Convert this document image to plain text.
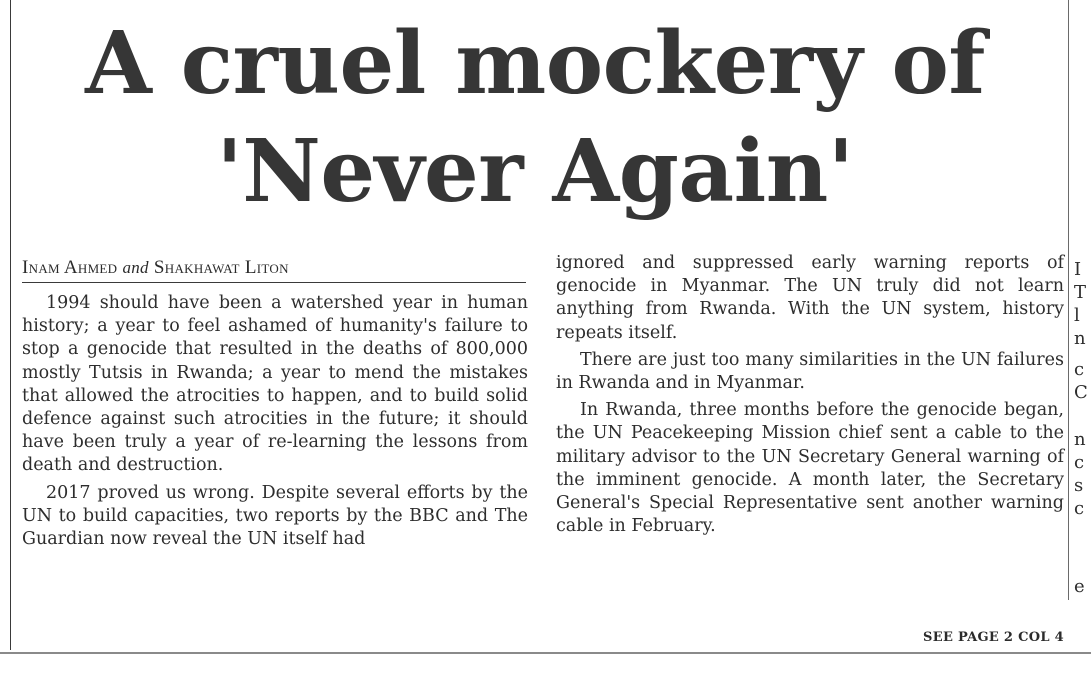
A cruel mockery of
'Never Again'
Inam Ahmed and Shakhawat Liton

1994 should have been a watershed year in human history; a year to feel ashamed of humanity's failure to stop a genocide that resulted in the deaths of 800,000 mostly Tutsis in Rwanda; a year to mend the mistakes that allowed the atrocities to happen, and to build solid defence against such atrocities in the future; it should have been truly a year of re-learning the lessons from death and destruction.

2017 proved us wrong. Despite several efforts by the UN to build capacities, two reports by the BBC and The Guardian now reveal the UN itself had

ignored and suppressed early warning reports of genocide in Myanmar. The UN truly did not learn anything from Rwanda. With the UN system, history repeats itself.

There are just too many similarities in the UN failures in Rwanda and in Myanmar.

In Rwanda, three months before the genocide began, the UN Peacekeeping Mission chief sent a cable to the military advisor to the UN Secretary General warning of the imminent genocide. A month later, the Secretary General's Special Representative sent another warning cable in February.

SEE PAGE 2 COL 4
I
T
l
n
c
C
n
c
s
c
e
